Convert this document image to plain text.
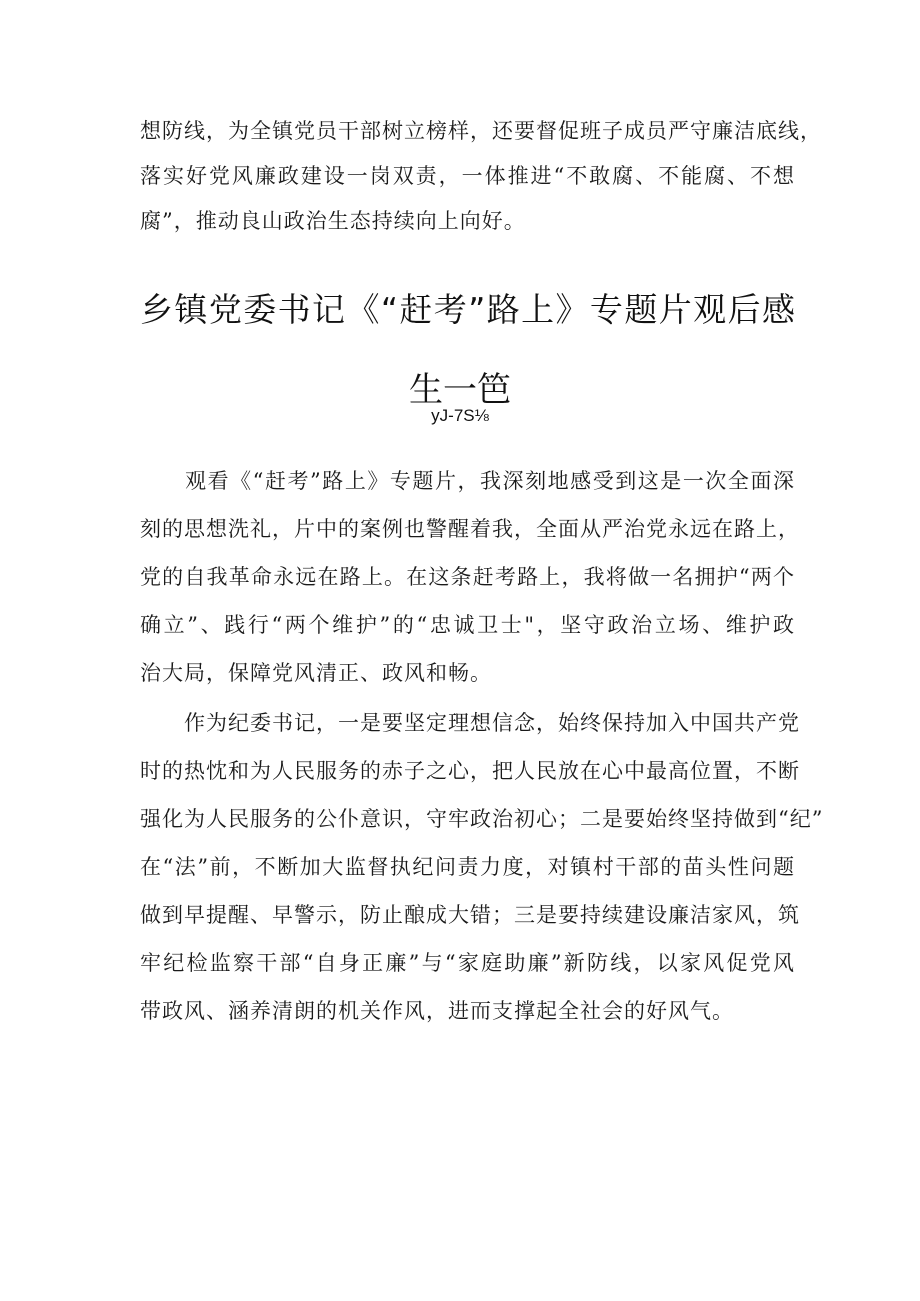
想防线，为全镇党员干部树立榜样，还要督促班子成员严守廉洁底线，
落实好党风廉政建设一岗双责，一体推进“不敢腐、不能腐、不想
腐”，推动良山政治生态持续向上向好。
乡镇党委书记《“赶考”路上》专题片观后感
生一笆
yJ-7S⅛
　　观看《“赶考”路上》专题片，我深刻地感受到这是一次全面深
刻的思想洗礼，片中的案例也警醒着我，全面从严治党永远在路上，
党的自我革命永远在路上。在这条赶考路上，我将做一名拥护“两个
确立”、践行“两个维护”的“忠诚卫士"，坚守政治立场、维护政
治大局，保障党风清正、政风和畅。
　　作为纪委书记，一是要坚定理想信念，始终保持加入中国共产党
时的热忱和为人民服务的赤子之心，把人民放在心中最高位置，不断
强化为人民服务的公仆意识，守牢政治初心；二是要始终坚持做到“纪”
在“法”前，不断加大监督执纪问责力度，对镇村干部的苗头性问题
做到早提醒、早警示，防止酿成大错；三是要持续建设廉洁家风，筑
牢纪检监察干部“自身正廉”与“家庭助廉”新防线，以家风促党风
带政风、涵养清朗的机关作风，进而支撑起全社会的好风气。
